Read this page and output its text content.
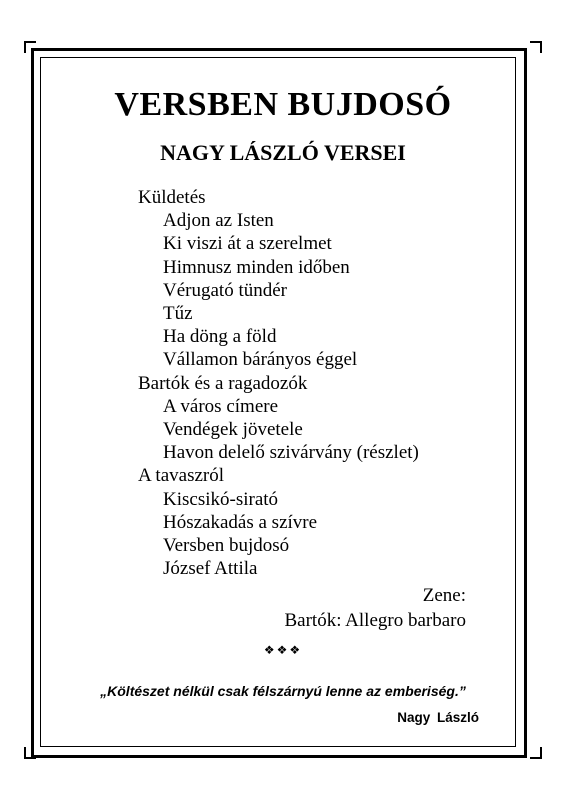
VERSBEN BUJDOSÓ
NAGY LÁSZLÓ VERSEI
Küldetés
Adjon az Isten
Ki viszi át a szerelmet
Himnusz minden időben
Vérugató tündér
Tűz
Ha döng a föld
Vállamon bárányos éggel
Bartók és a ragadozók
A város címere
Vendégek jövetele
Havon delelő szivárvány (részlet)
A tavaszról
Kiscsikó-sirató
Hószakadás a szívre
Versben bujdosó
József Attila
Zene:
Bartók: Allegro barbaro
❖❖❖
„Költészet nélkül csak félszárnyú lenne az emberiség.”
Nagy László
